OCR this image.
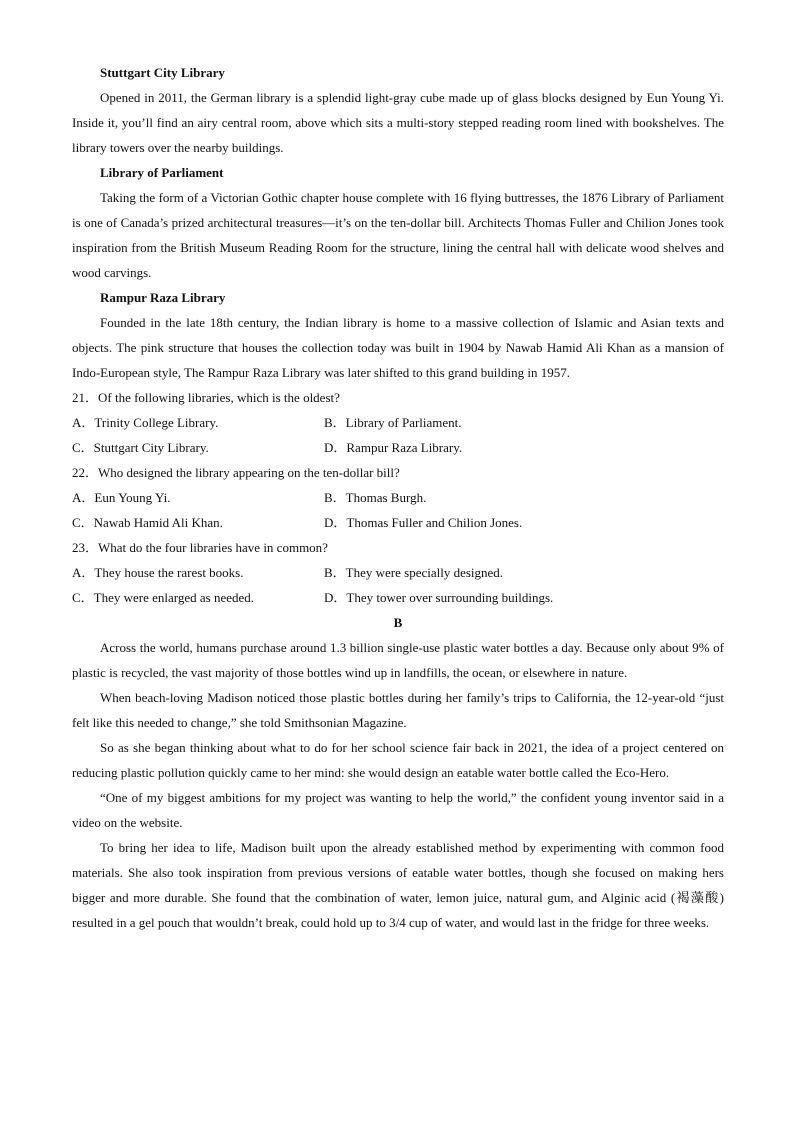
Stuttgart City Library

Opened in 2011, the German library is a splendid light-gray cube made up of glass blocks designed by Eun Young Yi. Inside it, you’ll find an airy central room, above which sits a multi-story stepped reading room lined with bookshelves. The library towers over the nearby buildings.

Library of Parliament

Taking the form of a Victorian Gothic chapter house complete with 16 flying buttresses, the 1876 Library of Parliament is one of Canada’s prized architectural treasures—it’s on the ten-dollar bill. Architects Thomas Fuller and Chilion Jones took inspiration from the British Museum Reading Room for the structure, lining the central hall with delicate wood shelves and wood carvings.

Rampur Raza Library

Founded in the late 18th century, the Indian library is home to a massive collection of Islamic and Asian texts and objects. The pink structure that houses the collection today was built in 1904 by Nawab Hamid Ali Khan as a mansion of Indo-European style, The Rampur Raza Library was later shifted to this grand building in 1957.

21．Of the following libraries, which is the oldest?
A．Trinity College Library.	B．Library of Parliament.
C．Stuttgart City Library.	D．Rampur Raza Library.
22．Who designed the library appearing on the ten-dollar bill?
A．Eun Young Yi.	B．Thomas Burgh.
C．Nawab Hamid Ali Khan.	D．Thomas Fuller and Chilion Jones.
23．What do the four libraries have in common?
A．They house the rarest books.	B．They were specially designed.
C．They were enlarged as needed.	D．They tower over surrounding buildings.
B

Across the world, humans purchase around 1.3 billion single-use plastic water bottles a day. Because only about 9% of plastic is recycled, the vast majority of those bottles wind up in landfills, the ocean, or elsewhere in nature.

When beach-loving Madison noticed those plastic bottles during her family’s trips to California, the 12-year-old “just felt like this needed to change,” she told Smithsonian Magazine.

So as she began thinking about what to do for her school science fair back in 2021, the idea of a project centered on reducing plastic pollution quickly came to her mind: she would design an eatable water bottle called the Eco-Hero.

“One of my biggest ambitions for my project was wanting to help the world,” the confident young inventor said in a video on the website.

To bring her idea to life, Madison built upon the already established method by experimenting with common food materials. She also took inspiration from previous versions of eatable water bottles, though she focused on making hers bigger and more durable. She found that the combination of water, lemon juice, natural gum, and Alginic acid (褐藻酸) resulted in a gel pouch that wouldn’t break, could hold up to 3/4 cup of water, and would last in the fridge for three weeks.
